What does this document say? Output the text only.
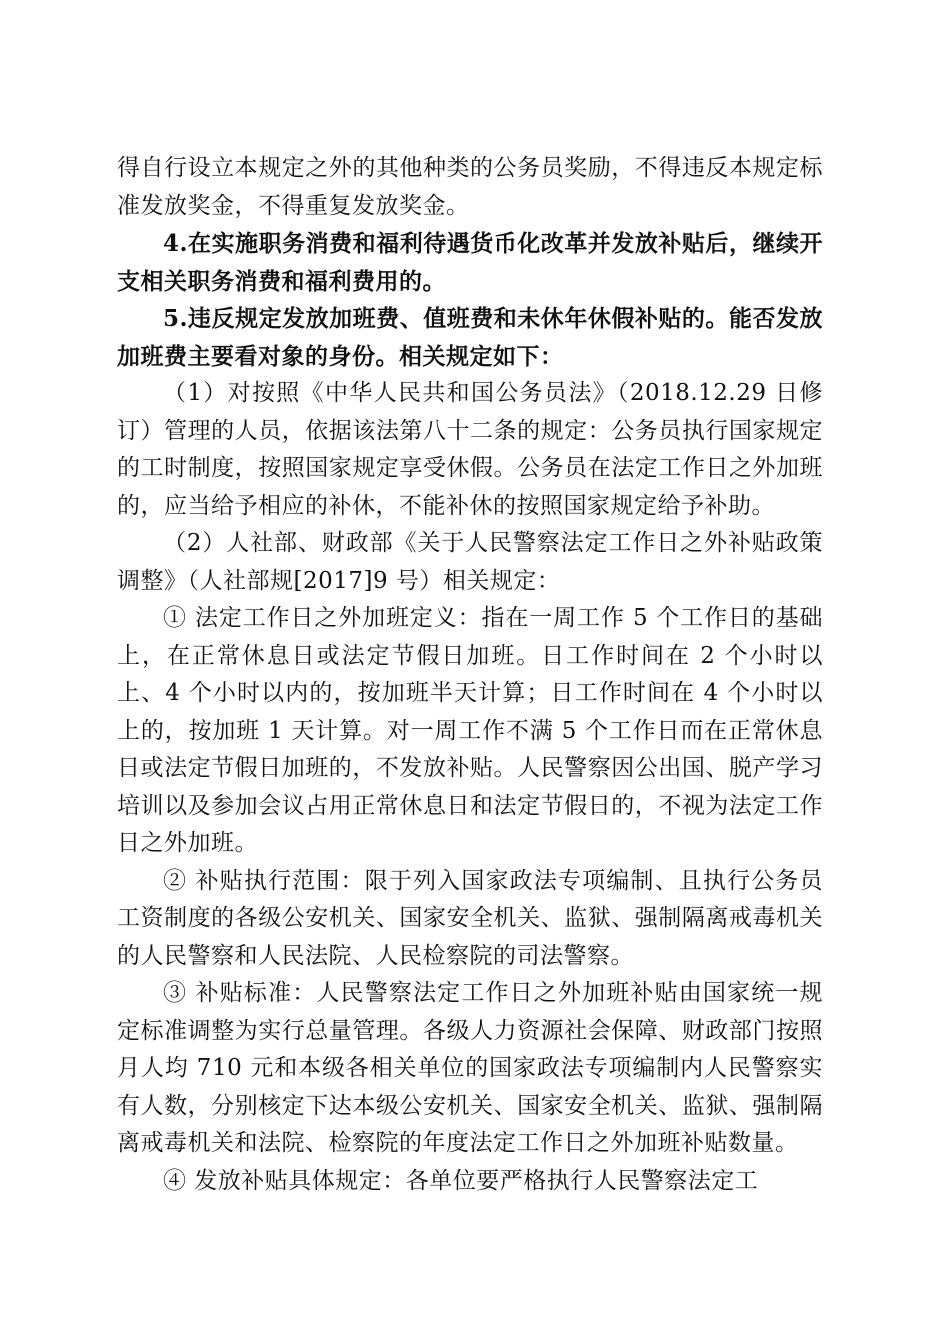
得自行设立本规定之外的其他种类的公务员奖励，不得违反本规定标准发放奖金，不得重复发放奖金。

4.在实施职务消费和福利待遇货币化改革并发放补贴后，继续开支相关职务消费和福利费用的。

5.违反规定发放加班费、值班费和未休年休假补贴的。能否发放加班费主要看对象的身份。相关规定如下：

（1）对按照《中华人民共和国公务员法》（2018.12.29 日修订）管理的人员，依据该法第八十二条的规定：公务员执行国家规定的工时制度，按照国家规定享受休假。公务员在法定工作日之外加班的，应当给予相应的补休，不能补休的按照国家规定给予补助。

（2）人社部、财政部《关于人民警察法定工作日之外补贴政策调整》（人社部规[2017]9 号）相关规定：

① 法定工作日之外加班定义：指在一周工作 5 个工作日的基础上，在正常休息日或法定节假日加班。日工作时间在 2 个小时以上、4 个小时以内的，按加班半天计算；日工作时间在 4 个小时以上的，按加班 1 天计算。对一周工作不满 5 个工作日而在正常休息日或法定节假日加班的，不发放补贴。人民警察因公出国、脱产学习培训以及参加会议占用正常休息日和法定节假日的，不视为法定工作日之外加班。

② 补贴执行范围：限于列入国家政法专项编制、且执行公务员工资制度的各级公安机关、国家安全机关、监狱、强制隔离戒毒机关的人民警察和人民法院、人民检察院的司法警察。

③ 补贴标准：人民警察法定工作日之外加班补贴由国家统一规定标准调整为实行总量管理。各级人力资源社会保障、财政部门按照月人均 710 元和本级各相关单位的国家政法专项编制内人民警察实有人数，分别核定下达本级公安机关、国家安全机关、监狱、强制隔离戒毒机关和法院、检察院的年度法定工作日之外加班补贴数量。

④ 发放补贴具体规定：各单位要严格执行人民警察法定工
